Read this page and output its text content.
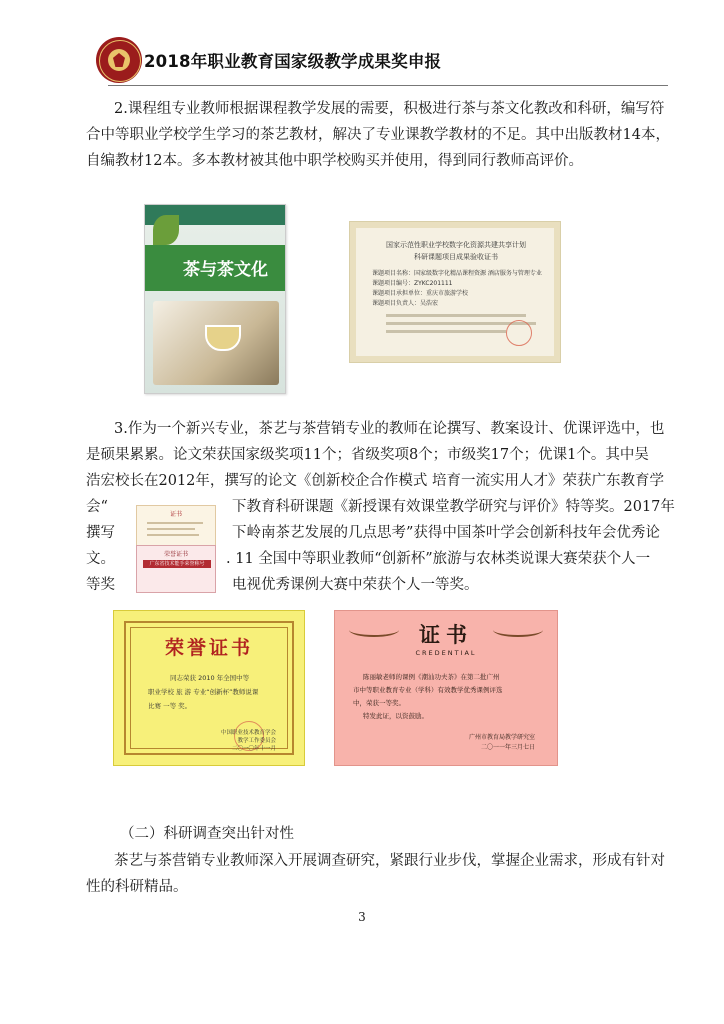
2018年职业教育国家级教学成果奖申报
2.课程组专业教师根据课程教学发展的需要，积极进行茶与茶文化教改和科研，编写符
合中等职业学校学生学习的茶艺教材，解决了专业课教学教材的不足。其中出版教材14本，
自编教材12本。多本教材被其他中职学校购买并使用，得到同行教师高评价。
茶与茶文化
国家示范性职业学校数字化资源共建共享计划
科研课题项目成果验收证书
课题项目名称：国家级数字化精品课程资源 酒店服务与管理专业
课题项目编号：ZYKC201111
课题项目承担单位：重庆市旅游学校
课题项目负责人：吴浩宏
3.作为一个新兴专业，茶艺与茶营销专业的教师在论撰写、教案设计、优课评选中，也
是硕果累累。论文荣获国家级奖项11个；省级奖项8个；市级奖17个；优课1个。其中吴
浩宏校长在2012年，撰写的论文《创新校企合作模式 培育一流实用人才》荣获广东教育学
会“	下教育科研课题《新授课有效课堂教学研究与评价》特等奖。2017年
撰写	下岭南茶艺发展的几点思考”获得中国茶叶学会创新科技年会优秀论
文。	. 11 全国中等职业教师“创新杯”旅游与农林类说课大赛荣获个人一
等奖	电视优秀课例大赛中荣获个人一等奖。
证书
荣誉证书
广东省技术能手荣誉称号
荣誉证书
同志荣获 2010 年全国中等
职业学校 旅 游 专业“创新杯”教师说课
比赛 一等 奖。
中国职业技术教育学会
教学工作委员会
二〇一〇年十一月
证书
CREDENTIAL
陈丽敏老师的课例《潮汕功夫茶》在第二批广州
市中等职业教育专业（学科）有效教学优秀课例评选
中，荣获一等奖。
特发此证，以资鼓励。
广州市教育局教学研究室
二〇一一年三月七日
（二）科研调查突出针对性
茶艺与茶营销专业教师深入开展调查研究，紧跟行业步伐，掌握企业需求，形成有针对
性的科研精品。
3
